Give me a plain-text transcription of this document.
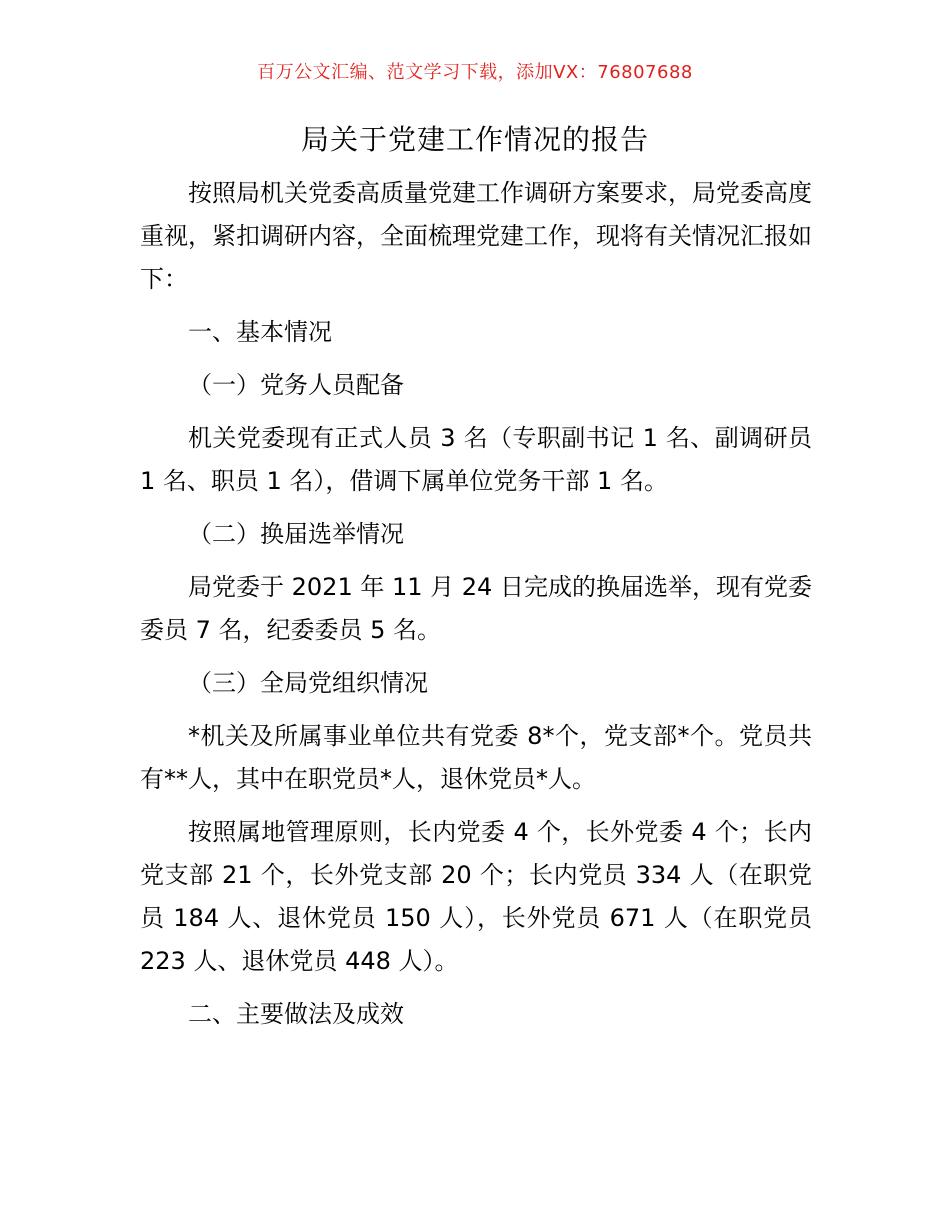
百万公文汇编、范文学习下载，添加VX：76807688
局关于党建工作情况的报告

按照局机关党委高质量党建工作调研方案要求，局党委高度重视，紧扣调研内容，全面梳理党建工作，现将有关情况汇报如下：

一、基本情况

（一）党务人员配备

机关党委现有正式人员 3 名（专职副书记 1 名、副调研员 1 名、职员 1 名），借调下属单位党务干部 1 名。

（二）换届选举情况

局党委于 2021 年 11 月 24 日完成的换届选举，现有党委委员 7 名，纪委委员 5 名。

（三）全局党组织情况

*机关及所属事业单位共有党委 8*个，党支部*个。党员共有**人，其中在职党员*人，退休党员*人。

按照属地管理原则，长内党委 4 个，长外党委 4 个；长内党支部 21 个，长外党支部 20 个；长内党员 334 人（在职党员 184 人、退休党员 150 人），长外党员 671 人（在职党员 223 人、退休党员 448 人）。

二、主要做法及成效
